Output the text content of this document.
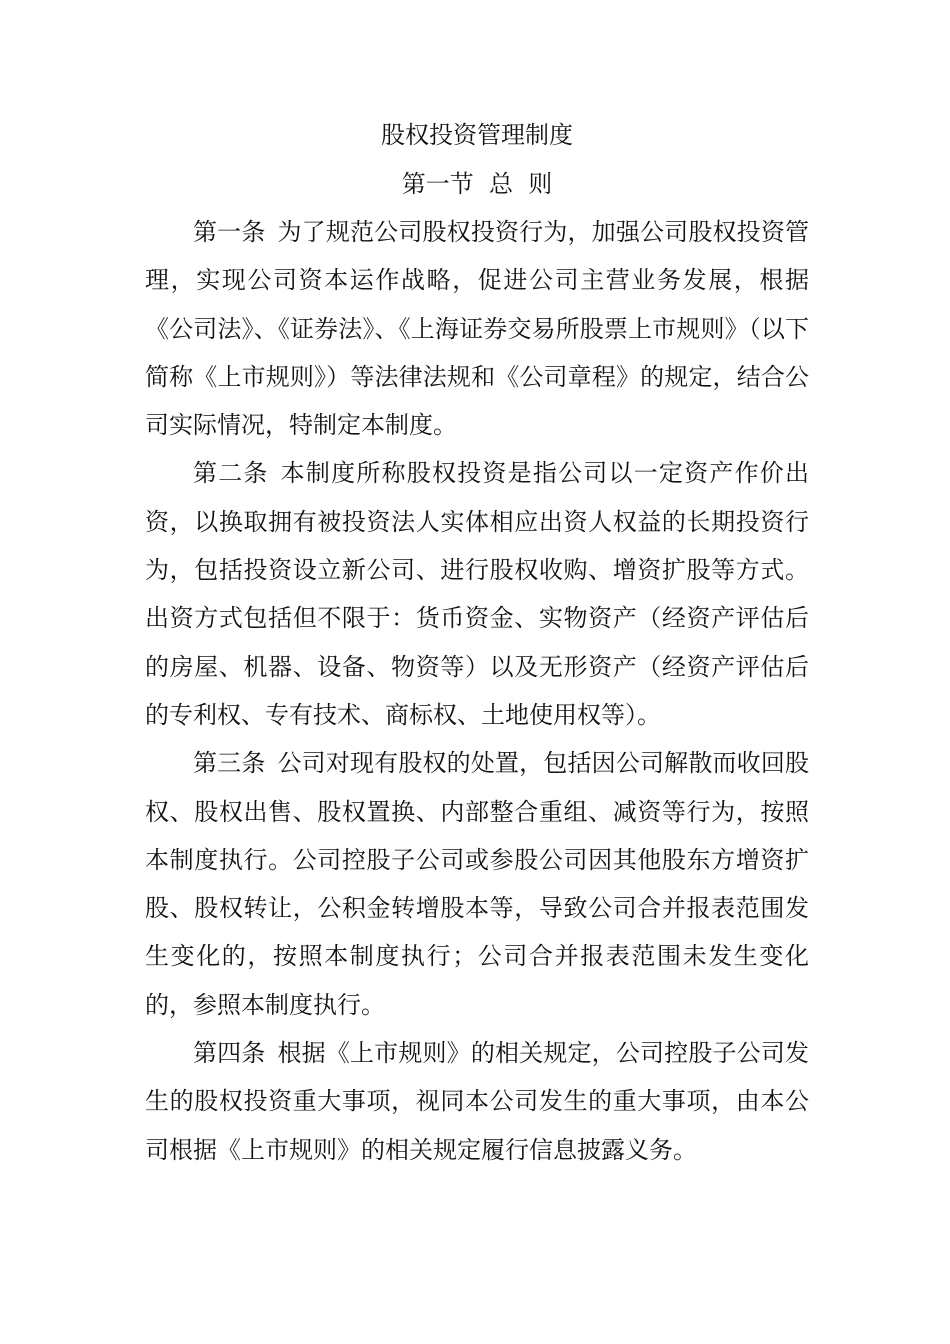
股权投资管理制度
第一节  总  则

第一条 为了规范公司股权投资行为，加强公司股权投资管理，实现公司资本运作战略，促进公司主营业务发展，根据《公司法》、《证券法》、《上海证券交易所股票上市规则》（以下简称《上市规则》）等法律法规和《公司章程》的规定，结合公司实际情况，特制定本制度。

第二条 本制度所称股权投资是指公司以一定资产作价出资，以换取拥有被投资法人实体相应出资人权益的长期投资行为，包括投资设立新公司、进行股权收购、增资扩股等方式。出资方式包括但不限于：货币资金、实物资产（经资产评估后的房屋、机器、设备、物资等）以及无形资产（经资产评估后的专利权、专有技术、商标权、土地使用权等）。

第三条 公司对现有股权的处置，包括因公司解散而收回股权、股权出售、股权置换、内部整合重组、减资等行为，按照本制度执行。公司控股子公司或参股公司因其他股东方增资扩股、股权转让，公积金转增股本等，导致公司合并报表范围发生变化的，按照本制度执行；公司合并报表范围未发生变化的，参照本制度执行。

第四条 根据《上市规则》的相关规定，公司控股子公司发生的股权投资重大事项，视同本公司发生的重大事项，由本公司根据《上市规则》的相关规定履行信息披露义务。
